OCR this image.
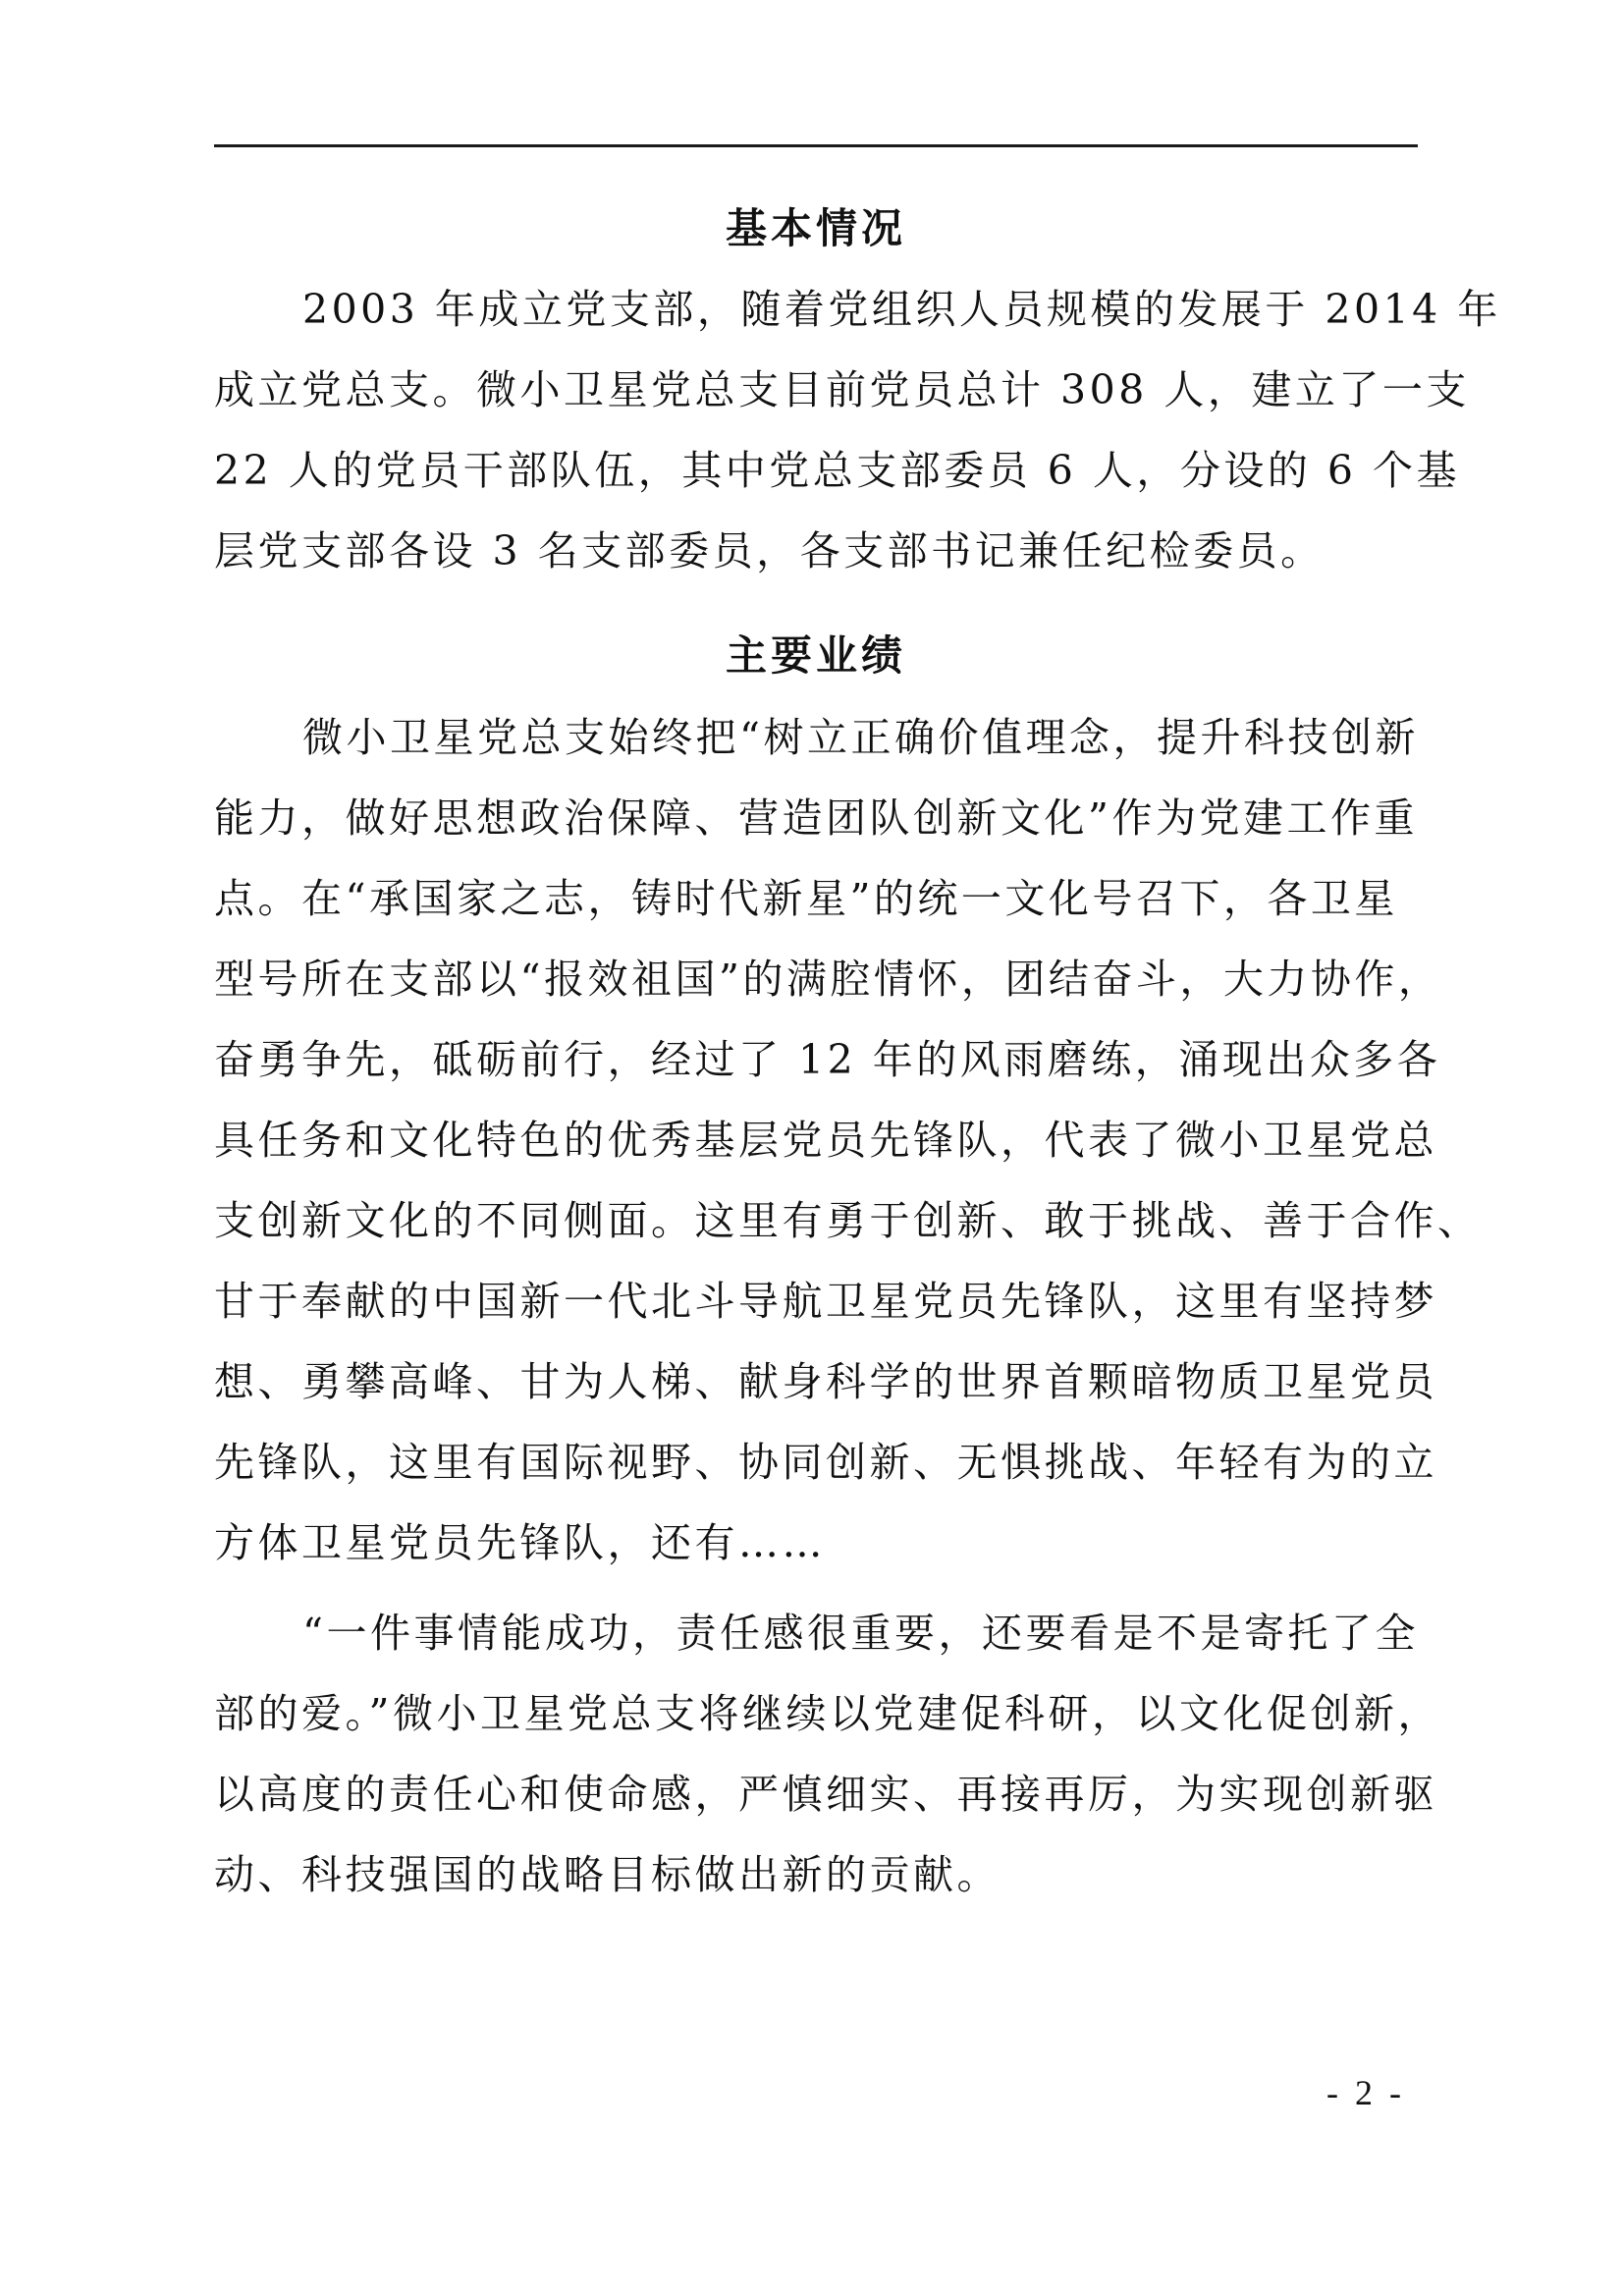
基本情况
2003 年成立党支部，随着党组织人员规模的发展于 2014 年
成立党总支。微小卫星党总支目前党员总计 308 人，建立了一支
22 人的党员干部队伍，其中党总支部委员 6 人，分设的 6 个基
层党支部各设 3 名支部委员，各支部书记兼任纪检委员。
主要业绩
微小卫星党总支始终把“树立正确价值理念，提升科技创新
能力，做好思想政治保障、营造团队创新文化”作为党建工作重
点。在“承国家之志，铸时代新星”的统一文化号召下，各卫星
型号所在支部以“报效祖国”的满腔情怀，团结奋斗，大力协作，
奋勇争先，砥砺前行，经过了 12 年的风雨磨练，涌现出众多各
具任务和文化特色的优秀基层党员先锋队，代表了微小卫星党总
支创新文化的不同侧面。这里有勇于创新、敢于挑战、善于合作、
甘于奉献的中国新一代北斗导航卫星党员先锋队，这里有坚持梦
想、勇攀高峰、甘为人梯、献身科学的世界首颗暗物质卫星党员
先锋队，这里有国际视野、协同创新、无惧挑战、年轻有为的立
方体卫星党员先锋队，还有……
“一件事情能成功，责任感很重要，还要看是不是寄托了全
部的爱。”微小卫星党总支将继续以党建促科研，以文化促创新，
以高度的责任心和使命感，严慎细实、再接再厉，为实现创新驱
动、科技强国的战略目标做出新的贡献。
- 2 -
